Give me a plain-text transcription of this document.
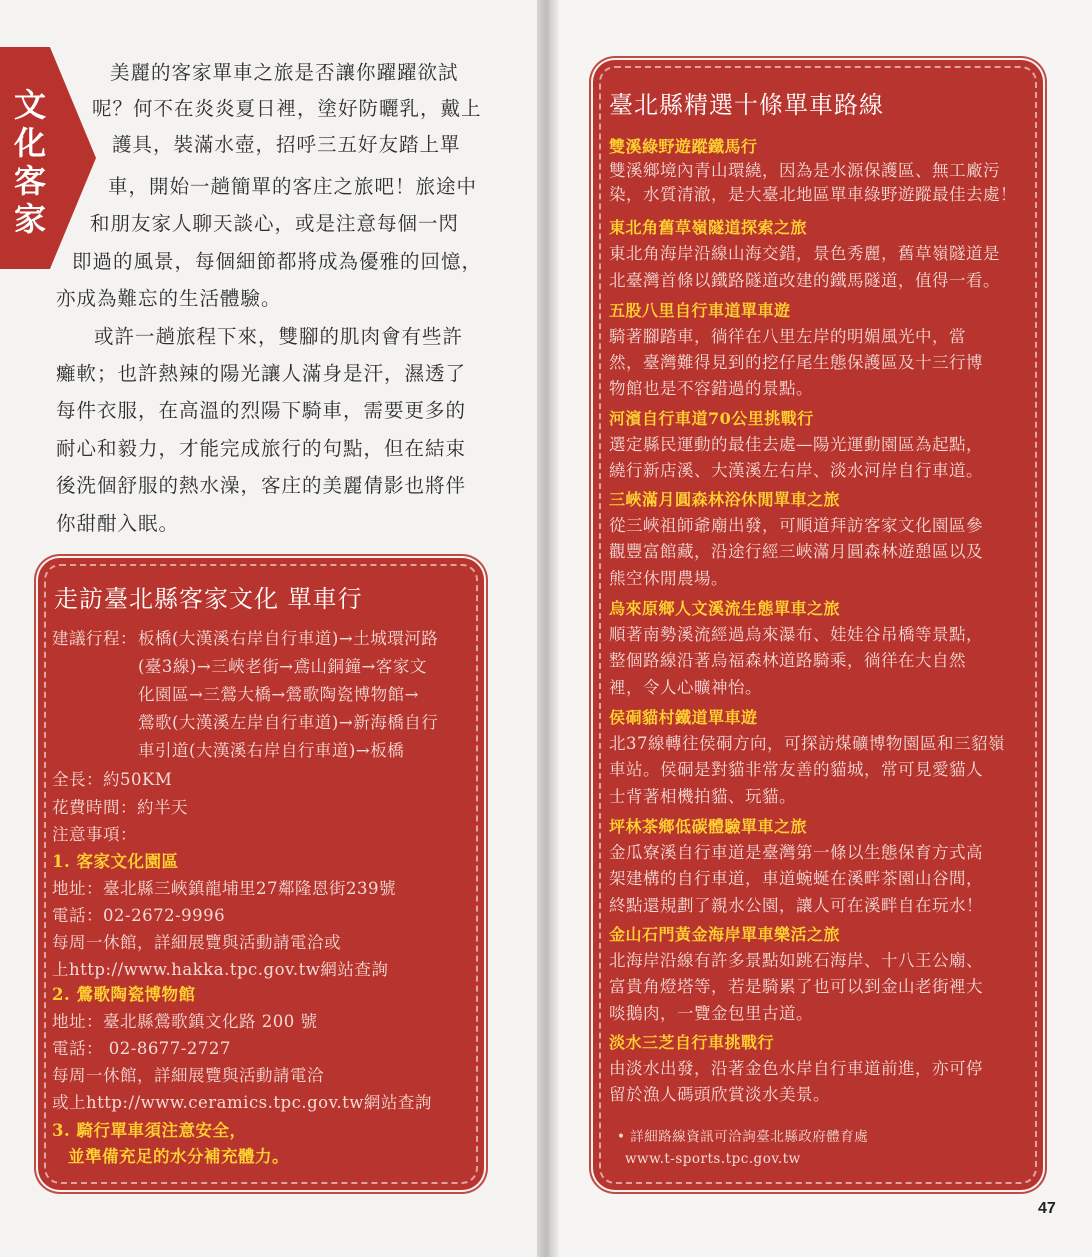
文
化
客
家
美麗的客家單車之旅是否讓你躍躍欲試
呢？何不在炎炎夏日裡，塗好防曬乳，戴上
護具，裝滿水壺，招呼三五好友踏上單
車，開始一趟簡單的客庄之旅吧！旅途中
和朋友家人聊天談心，或是注意每個一閃
即過的風景，每個細節都將成為優雅的回憶，
亦成為難忘的生活體驗。
或許一趟旅程下來，雙腳的肌肉會有些許
癱軟；也許熱辣的陽光讓人滿身是汗，濕透了
每件衣服，在高溫的烈陽下騎車，需要更多的
耐心和毅力，才能完成旅行的句點，但在結束
後洗個舒服的熱水澡，客庄的美麗倩影也將伴
你甜酣入眠。
走訪臺北縣客家文化 單車行
建議行程： 板橋(大漢溪右岸自行車道)→土城環河路
(臺3線)→三峽老街→鳶山銅鐘→客家文
化園區→三鶯大橋→鶯歌陶瓷博物館→
鶯歌(大漢溪左岸自行車道)→新海橋自行
車引道(大漢溪右岸自行車道)→板橋
全長：約50KM
花費時間：約半天
注意事項：
1. 客家文化園區
地址：臺北縣三峽鎮龍埔里27鄰隆恩街239號
電話：02-2672-9996
每周一休館，詳細展覽與活動請電洽或
上http://www.hakka.tpc.gov.tw網站查詢
2. 鶯歌陶瓷博物館
地址：臺北縣鶯歌鎮文化路 200 號
電話： 02-8677-2727
每周一休館，詳細展覽與活動請電洽
或上http://www.ceramics.tpc.gov.tw網站查詢
3. 騎行單車須注意安全，
並準備充足的水分補充體力。
臺北縣精選十條單車路線
雙溪綠野遊蹤鐵馬行
雙溪鄉境內青山環繞，因為是水源保護區、無工廠污
染，水質清澈，是大臺北地區單車綠野遊蹤最佳去處！
東北角舊草嶺隧道探索之旅
東北角海岸沿線山海交錯，景色秀麗，舊草嶺隧道是
北臺灣首條以鐵路隧道改建的鐵馬隧道，值得一看。
五股八里自行車道單車遊
騎著腳踏車，徜徉在八里左岸的明媚風光中，當
然，臺灣難得見到的挖仔尾生態保護區及十三行博
物館也是不容錯過的景點。
河濱自行車道70公里挑戰行
選定縣民運動的最佳去處—陽光運動園區為起點，
繞行新店溪、大漢溪左右岸、淡水河岸自行車道。
三峽滿月圓森林浴休閒單車之旅
從三峽祖師爺廟出發，可順道拜訪客家文化園區參
觀豐富館藏，沿途行經三峽滿月圓森林遊憩區以及
熊空休閒農場。
烏來原鄉人文溪流生態單車之旅
順著南勢溪流經過烏來瀑布、娃娃谷吊橋等景點，
整個路線沿著烏福森林道路騎乘，徜徉在大自然
裡，令人心曠神怡。
侯硐貓村鐵道單車遊
北37線轉往侯硐方向，可探訪煤礦博物園區和三貂嶺
車站。侯硐是對貓非常友善的貓城，常可見愛貓人
士背著相機拍貓、玩貓。
坪林茶鄉低碳體驗單車之旅
金瓜寮溪自行車道是臺灣第一條以生態保育方式高
架建構的自行車道，車道蜿蜒在溪畔茶園山谷間，
終點還規劃了親水公園，讓人可在溪畔自在玩水！
金山石門黃金海岸單車樂活之旅
北海岸沿線有許多景點如跳石海岸、十八王公廟、
富貴角燈塔等，若是騎累了也可以到金山老街裡大
啖鵝肉，一覽金包里古道。
淡水三芝自行車挑戰行
由淡水出發，沿著金色水岸自行車道前進，亦可停
留於漁人碼頭欣賞淡水美景。
• 詳細路線資訊可洽詢臺北縣政府體育處
www.t-sports.tpc.gov.tw
47
